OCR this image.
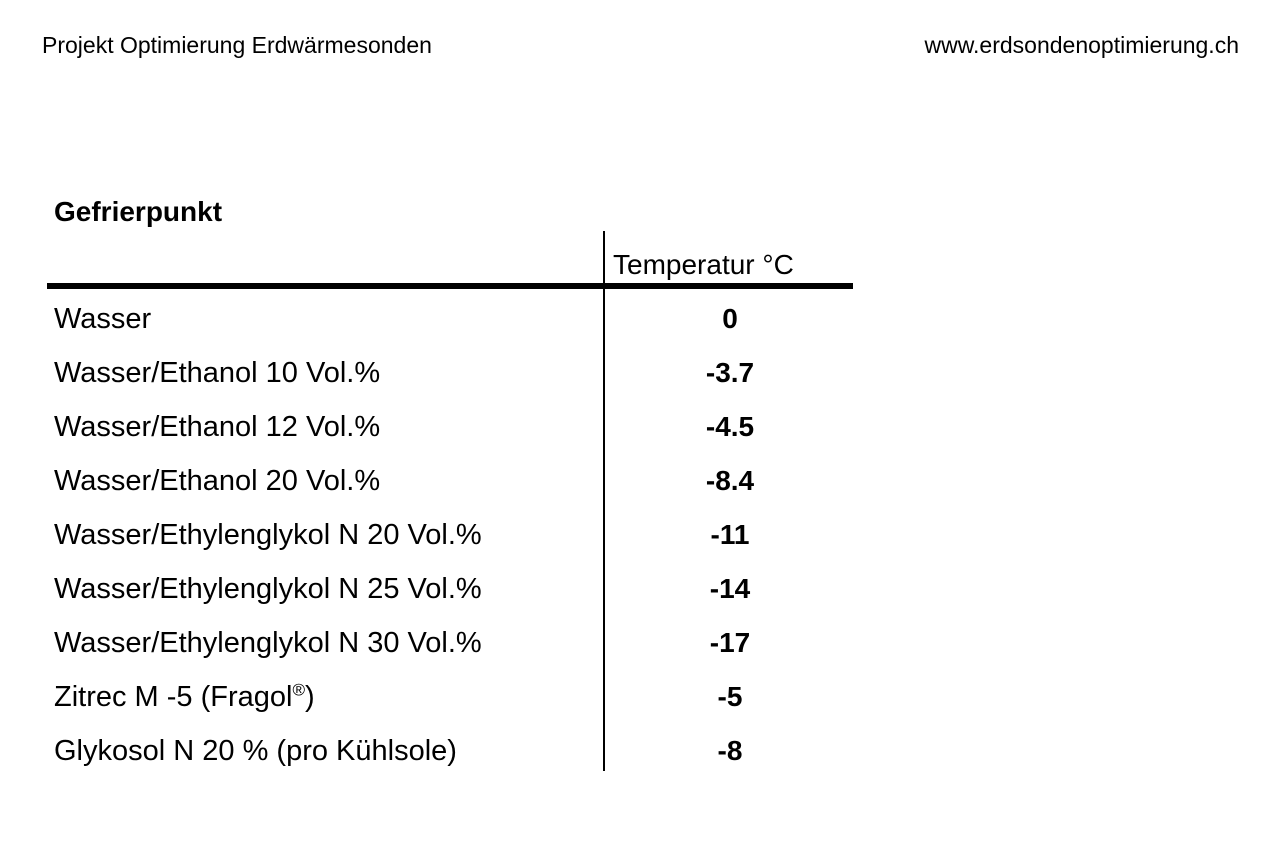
Projekt Optimierung Erdwärmesonden	www.erdsondenoptimierung.ch
Gefrierpunkt
Temperatur °C
Wasser	0
Wasser/Ethanol 10 Vol.%	-3.7
Wasser/Ethanol 12 Vol.%	-4.5
Wasser/Ethanol 20 Vol.%	-8.4
Wasser/Ethylenglykol N 20 Vol.%	-11
Wasser/Ethylenglykol N 25 Vol.%	-14
Wasser/Ethylenglykol N 30 Vol.%	-17
Zitrec M -5 (Fragol®)	-5
Glykosol N 20 % (pro Kühlsole)	-8
